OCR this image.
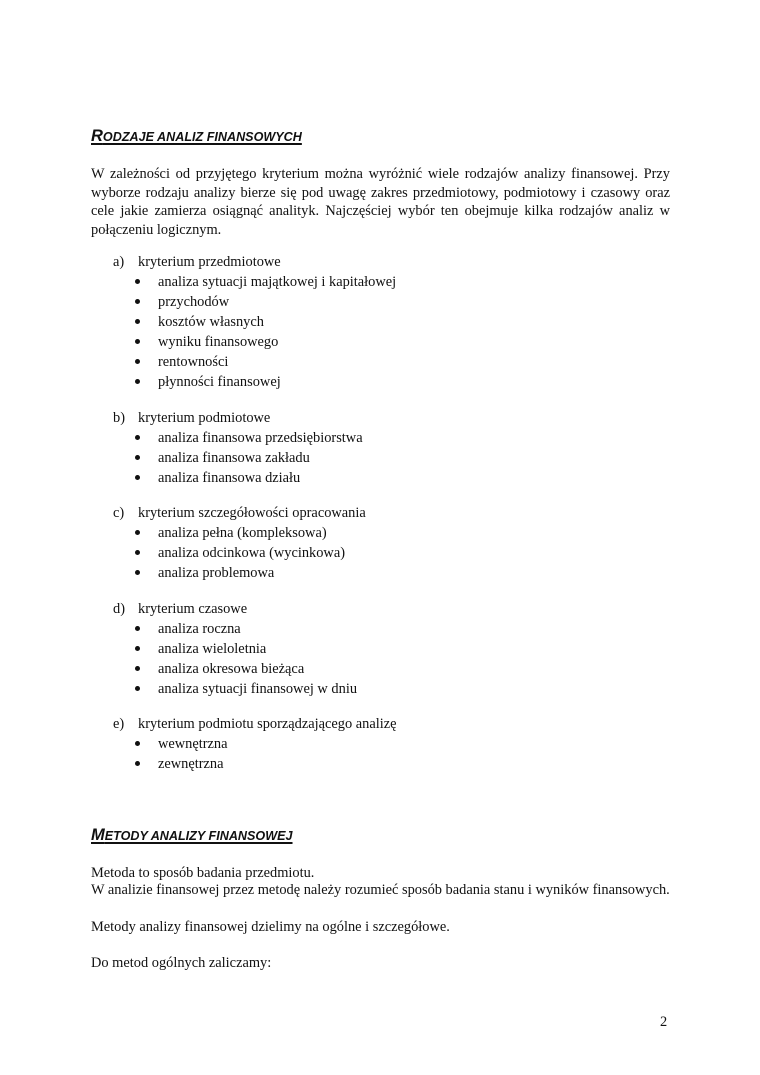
RODZAJE ANALIZ FINANSOWYCH

W zależności od przyjętego kryterium można wyróżnić wiele rodzajów analizy finansowej. Przy wyborze rodzaju analizy bierze się pod uwagę zakres przedmiotowy, podmiotowy i czasowy oraz cele jakie zamierza osiągnąć analityk. Najczęściej wybór ten obejmuje kilka rodzajów analiz w połączeniu logicznym.

a) kryterium przedmiotowe
analiza sytuacji majątkowej i kapitałowej
przychodów
kosztów własnych
wyniku finansowego
rentowności
płynności finansowej
b) kryterium podmiotowe
analiza finansowa przedsiębiorstwa
analiza finansowa zakładu
analiza finansowa działu
c) kryterium szczegółowości opracowania
analiza pełna (kompleksowa)
analiza odcinkowa (wycinkowa)
analiza problemowa
d) kryterium czasowe
analiza roczna
analiza wieloletnia
analiza okresowa bieżąca
analiza sytuacji finansowej w dniu
e) kryterium podmiotu sporządzającego analizę
wewnętrzna
zewnętrzna
METODY ANALIZY FINANSOWEJ

Metoda to sposób badania przedmiotu.

W analizie finansowej przez metodę należy rozumieć sposób badania stanu i wyników finansowych.

Metody analizy finansowej dzielimy na ogólne i szczegółowe.

Do metod ogólnych zaliczamy:

2
